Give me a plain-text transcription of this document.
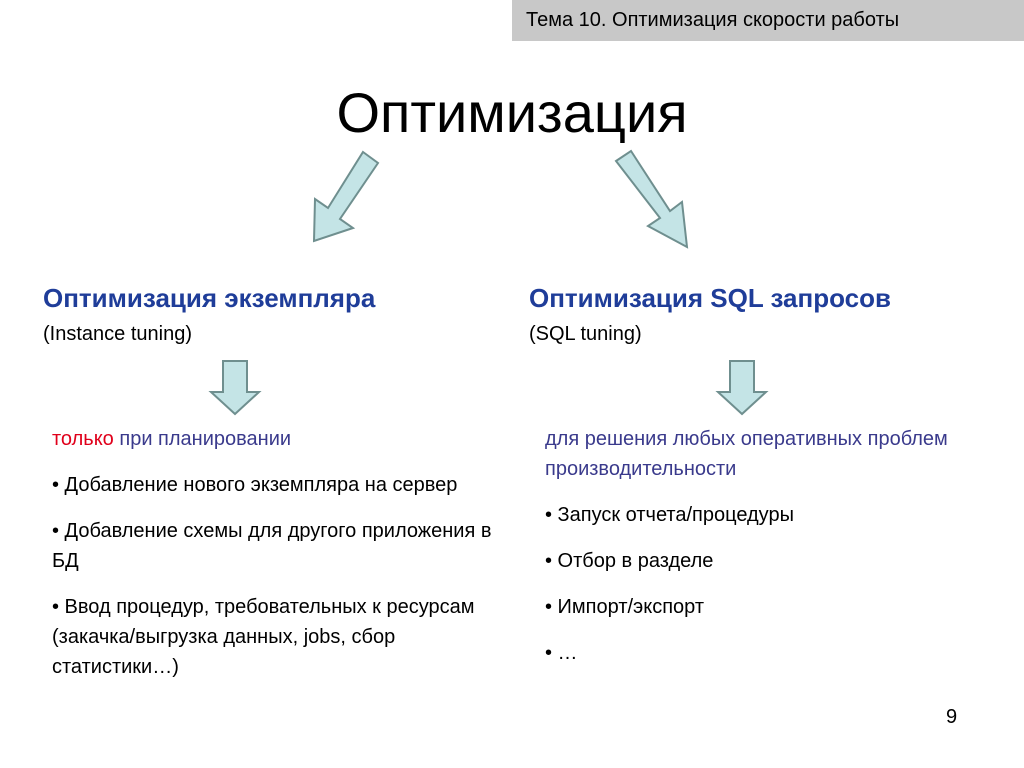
Тема 10. Оптимизация скорости работы
Оптимизация
Оптимизация экземпляра
(Instance tuning)

только при планировании

• Добавление нового экземпляра на сервер

• Добавление схемы для другого приложения в БД

• Ввод процедур, требовательных к ресурсам (закачка/выгрузка данных, jobs, сбор статистики…)

Оптимизация SQL запросов
(SQL tuning)

для решения любых оперативных проблем производительности

• Запуск отчета/процедуры

• Отбор в разделе

• Импорт/экспорт

• …

9
